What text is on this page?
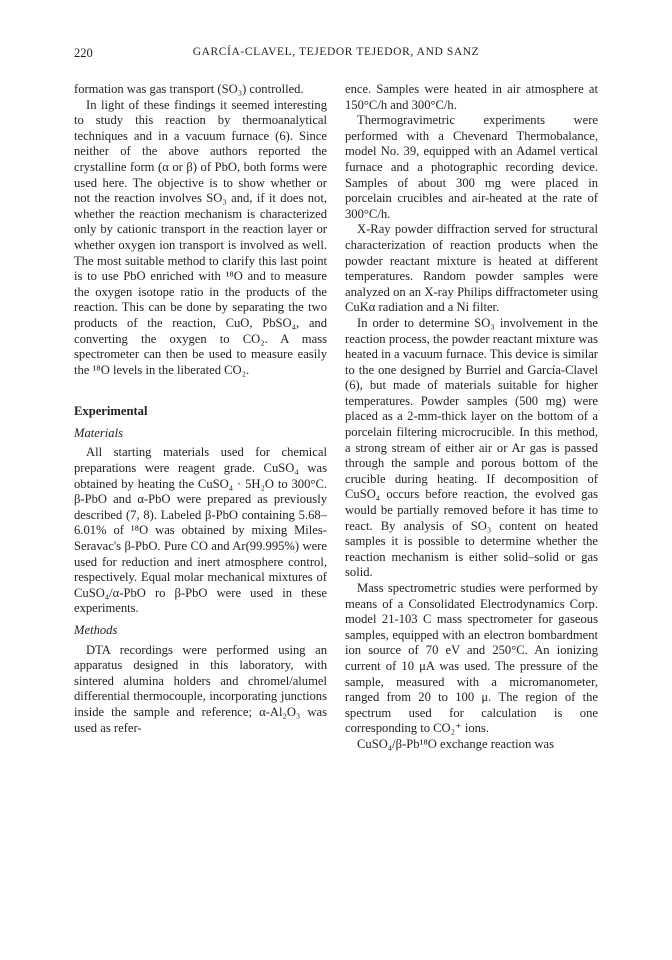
220	GARCÍA-CLAVEL, TEJEDOR TEJEDOR, AND SANZ

formation was gas transport (SO₃) controlled.

In light of these findings it seemed interesting to study this reaction by thermoanalytical techniques and in a vacuum furnace (6). Since neither of the above authors reported the crystalline form (α or β) of PbO, both forms were used here. The objective is to show whether or not the reaction involves SO₃ and, if it does not, whether the reaction mechanism is characterized only by cationic transport in the reaction layer or whether oxygen ion transport is involved as well. The most suitable method to clarify this last point is to use PbO enriched with ¹⁸O and to measure the oxygen isotope ratio in the products of the reaction. This can be done by separating the two products of the reaction, CuO, PbSO₄, and converting the oxygen to CO₂. A mass spectrometer can then be used to measure easily the ¹⁸O levels in the liberated CO₂.

Experimental
Materials

All starting materials used for chemical preparations were reagent grade. CuSO₄ was obtained by heating the CuSO₄ · 5H₂O to 300°C. β-PbO and α-PbO were prepared as previously described (7, 8). Labeled β-PbO containing 5.68–6.01% of ¹⁸O was obtained by mixing Miles-Seravac's β-PbO. Pure CO and Ar(99.995%) were used for reduction and inert atmosphere control, respectively. Equal molar mechanical mixtures of CuSO₄/α-PbO ro β-PbO were used in these experiments.

Methods

DTA recordings were performed using an apparatus designed in this laboratory, with sintered alumina holders and chromel/alumel differential thermocouple, incorporating junctions inside the sample and reference; α-Al₂O₃ was used as refer-

ence. Samples were heated in air atmosphere at 150°C/h and 300°C/h.

Thermogravimetric experiments were performed with a Chevenard Thermobalance, model No. 39, equipped with an Adamel vertical furnace and a photographic recording device. Samples of about 300 mg were placed in porcelain crucibles and air-heated at the rate of 300°C/h.

X-Ray powder diffraction served for structural characterization of reaction products when the powder reactant mixture is heated at different temperatures. Random powder samples were analyzed on an X-ray Philips diffractometer using CuKα radiation and a Ni filter.

In order to determine SO₃ involvement in the reaction process, the powder reactant mixture was heated in a vacuum furnace. This device is similar to the one designed by Burriel and García-Clavel (6), but made of materials suitable for higher temperatures. Powder samples (500 mg) were placed as a 2-mm-thick layer on the bottom of a porcelain filtering microcrucible. In this method, a strong stream of either air or Ar gas is passed through the sample and porous bottom of the crucible during heating. If decomposition of CuSO₄ occurs before reaction, the evolved gas would be partially removed before it has time to react. By analysis of SO₃ content on heated samples it is possible to determine whether the reaction mechanism is either solid–solid or gas solid.

Mass spectrometric studies were performed by means of a Consolidated Electrodynamics Corp. model 21-103 C mass spectrometer for gaseous samples, equipped with an electron bombardment ion source of 70 eV and 250°C. An ionizing current of 10 μA was used. The pressure of the sample, measured with a micromanometer, ranged from 20 to 100 μ. The region of the spectrum used for calculation is one corresponding to CO₂⁺ ions.

CuSO₄/β-Pb¹⁸O exchange reaction was
